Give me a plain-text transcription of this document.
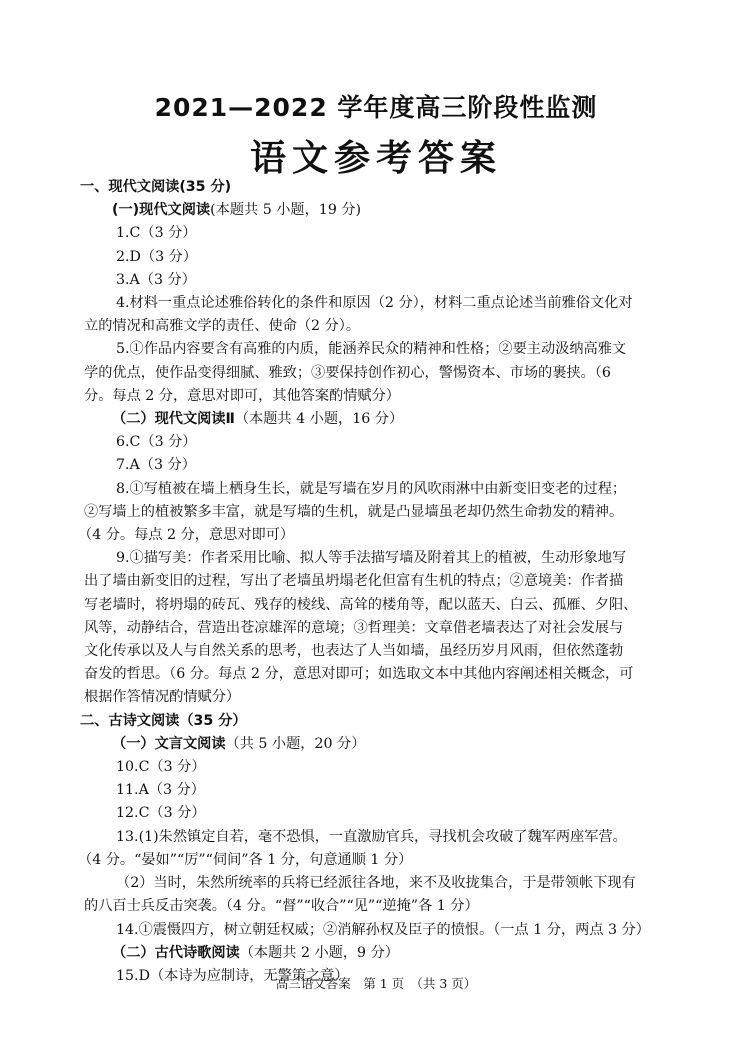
2021—2022 学年度高三阶段性监测
语文参考答案
一、现代文阅读(35 分)
(一)现代文阅读(本题共 5 小题，19 分)
1.C（3 分）
2.D（3 分）
3.A（3 分）
4.材料一重点论述雅俗转化的条件和原因（2 分），材料二重点论述当前雅俗文化对
立的情况和高雅文学的责任、使命（2 分）。
5.①作品内容要含有高雅的内质，能涵养民众的精神和性格；②要主动汲纳高雅文
学的优点，使作品变得细腻、雅致；③要保持创作初心，警惕资本、市场的裹挟。（6
分。每点 2 分，意思对即可，其他答案酌情赋分）
（二）现代文阅读Ⅱ（本题共 4 小题，16 分）
6.C（3 分）
7.A（3 分）
8.①写植被在墙上栖身生长，就是写墙在岁月的风吹雨淋中由新变旧变老的过程；
②写墙上的植被繁多丰富，就是写墙的生机，就是凸显墙虽老却仍然生命勃发的精神。
（4 分。每点 2 分，意思对即可）
9.①描写美：作者采用比喻、拟人等手法描写墙及附着其上的植被，生动形象地写
出了墙由新变旧的过程，写出了老墙虽坍塌老化但富有生机的特点；②意境美：作者描
写老墙时，将坍塌的砖瓦、残存的棱线、高耸的楼角等，配以蓝天、白云、孤雁、夕阳、
风等，动静结合，营造出苍凉雄浑的意境；③哲理美：文章借老墙表达了对社会发展与
文化传承以及人与自然关系的思考，也表达了人当如墙，虽经历岁月风雨，但依然蓬勃
奋发的哲思。（6 分。每点 2 分，意思对即可；如选取文本中其他内容阐述相关概念，可
根据作答情况酌情赋分）
二、古诗文阅读（35 分）
（一）文言文阅读（共 5 小题，20 分）
10.C（3 分）
11.A（3 分）
12.C（3 分）
13.(1)朱然镇定自若，毫不恐惧，一直激励官兵，寻找机会攻破了魏军两座军营。
（4 分。“晏如”“厉”“伺间”各 1 分，句意通顺 1 分）
（2）当时，朱然所统率的兵将已经派往各地，来不及收拢集合，于是带领帐下现有
的八百士兵反击突袭。（4 分。“督”“收合”“见”“逆掩”各 1 分）
14.①震慑四方，树立朝廷权威；②消解孙权及臣子的愤恨。（一点 1 分，两点 3 分）
（二）古代诗歌阅读（本题共 2 小题，9 分）
15.D（本诗为应制诗，无警策之意）
高三语文答案　第 1 页　（共 3 页）
